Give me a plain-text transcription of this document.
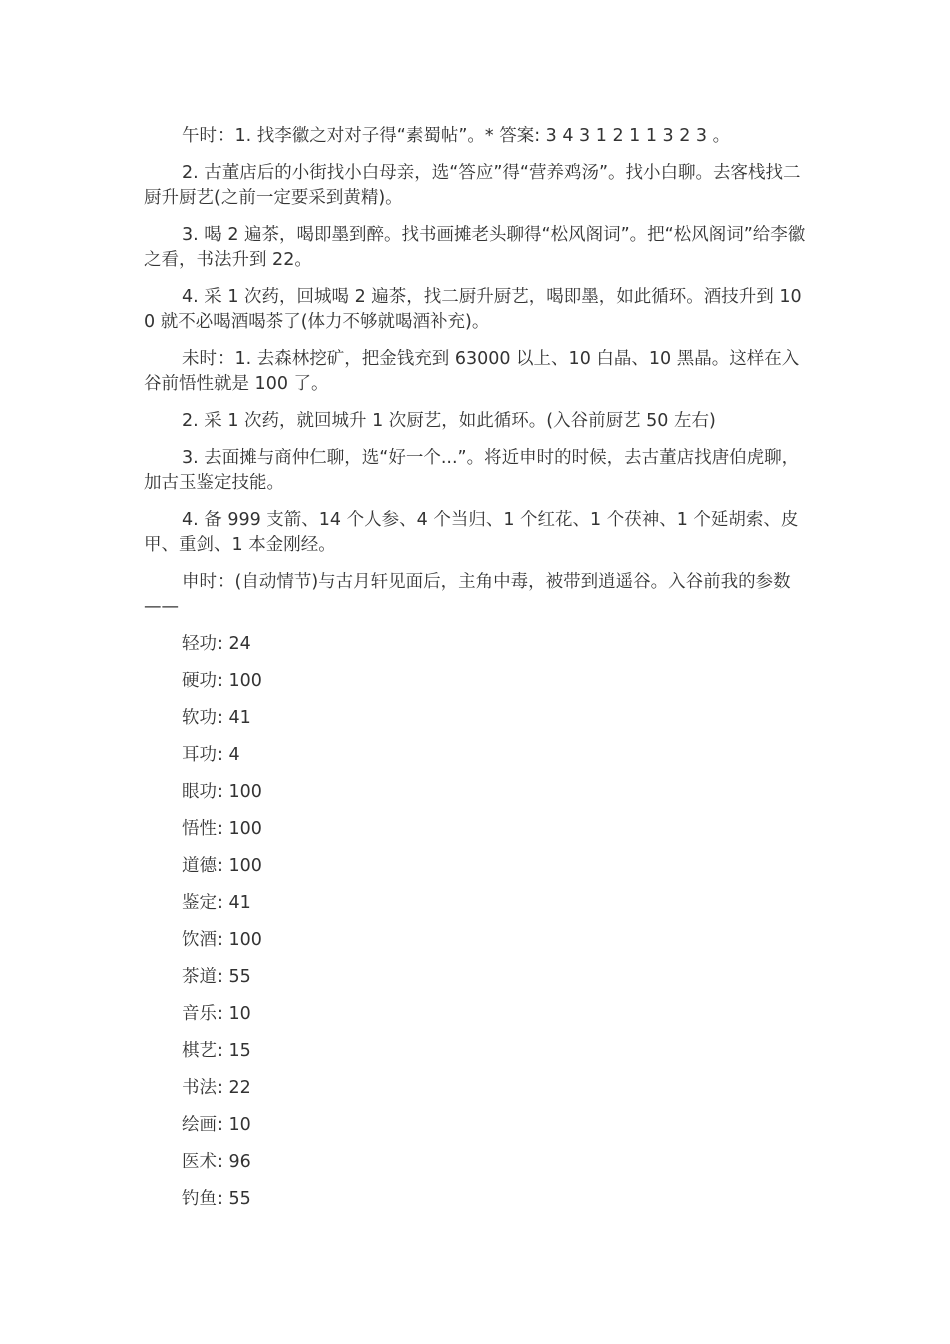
午时：1. 找李徽之对对子得“素蜀帖”。* 答案: 3 4 3 1 2 1 1 3 2 3 。

2. 古董店后的小街找小白母亲，选“答应”得“营养鸡汤”。找小白聊。去客栈找二厨升厨艺(之前一定要采到黄精)。

3. 喝 2 遍茶，喝即墨到醉。找书画摊老头聊得“松风阁词”。把“松风阁词”给李徽之看，书法升到 22。

4. 采 1 次药，回城喝 2 遍茶，找二厨升厨艺，喝即墨，如此循环。酒技升到 100 就不必喝酒喝茶了(体力不够就喝酒补充)。

未时：1. 去森林挖矿，把金钱充到 63000 以上、10 白晶、10 黑晶。这样在入谷前悟性就是 100 了。

2. 采 1 次药，就回城升 1 次厨艺，如此循环。(入谷前厨艺 50 左右)

3. 去面摊与商仲仁聊，选“好一个...”。将近申时的时候，去古董店找唐伯虎聊，加古玉鉴定技能。

4. 备 999 支箭、14 个人参、4 个当归、1 个红花、1 个茯神、1 个延胡索、皮甲、重剑、1 本金刚经。

申时：(自动情节)与古月轩见面后，主角中毒，被带到逍遥谷。入谷前我的参数——

轻功: 24
硬功: 100
软功: 41
耳功: 4
眼功: 100
悟性: 100
道德: 100
鉴定: 41
饮酒: 100
茶道: 55
音乐: 10
棋艺: 15
书法: 22
绘画: 10
医术: 96
钓鱼: 55
